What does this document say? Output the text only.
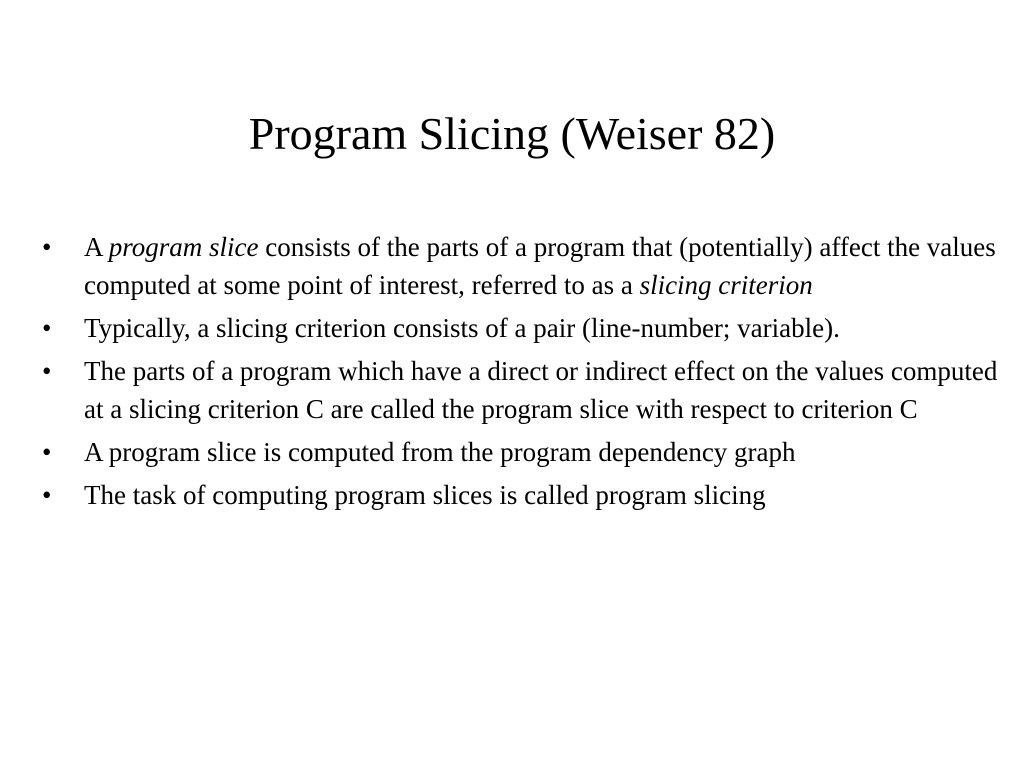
Program Slicing (Weiser 82)
• A program slice consists of the parts of a program that (potentially) affect the values computed at some point of interest, referred to as a slicing criterion
• Typically, a slicing criterion consists of a pair (line-number; variable).
• The parts of a program which have a direct or indirect effect on the values computed at a slicing criterion C are called the program slice with respect to criterion C
• A program slice is computed from the program dependency graph
• The task of computing program slices is called program slicing
